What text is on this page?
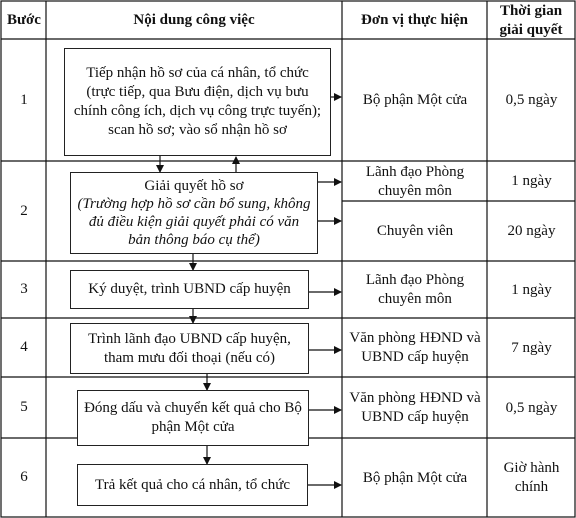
Bước	Nội dung công việc	Đơn vị thực hiện
Thời gian
giải quyết
1
2
3
4
5
6
Tiếp nhận hồ sơ của cá nhân, tổ chức (trực tiếp, qua Bưu điện, dịch vụ bưu chính công ích, dịch vụ công trực tuyến); scan hồ sơ; vào sổ nhận hồ sơ
Giải quyết hồ sơ
(Trường hợp hồ sơ cần bổ sung, không đủ điều kiện giải quyết phải có văn bản thông báo cụ thể)
Ký duyệt, trình UBND cấp huyện
Trình lãnh đạo UBND cấp huyện, tham mưu đối thoại (nếu có)
Đóng dấu và chuyển kết quả cho Bộ phận Một cửa
Trả kết quả cho cá nhân, tổ chức
Bộ phận Một cửa
Lãnh đạo Phòng chuyên môn
Chuyên viên
Lãnh đạo Phòng chuyên môn
Văn phòng HĐND và UBND cấp huyện
Văn phòng HĐND và UBND cấp huyện
Bộ phận Một cửa
0,5 ngày
1 ngày
20 ngày
1 ngày
7 ngày
0,5 ngày
Giờ hành chính
